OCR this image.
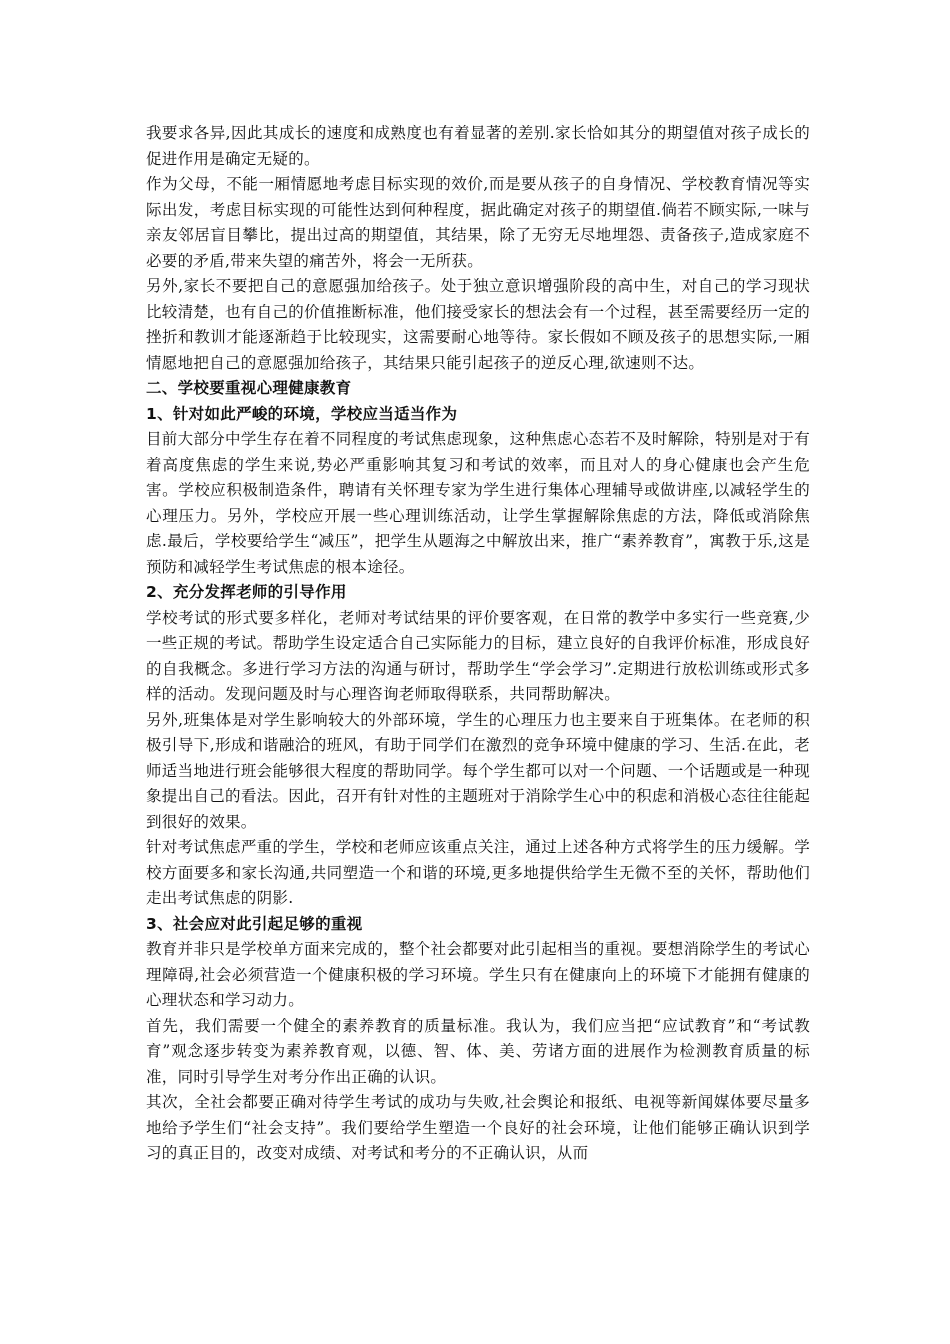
我要求各异,因此其成长的速度和成熟度也有着显著的差别.家长恰如其分的期望值对孩子成长的促进作用是确定无疑的。

作为父母，不能一厢情愿地考虑目标实现的效价,而是要从孩子的自身情况、学校教育情况等实际出发，考虑目标实现的可能性达到何种程度，据此确定对孩子的期望值.倘若不顾实际,一味与亲友邻居盲目攀比，提出过高的期望值，其结果，除了无穷无尽地埋怨、责备孩子,造成家庭不必要的矛盾,带来失望的痛苦外，将会一无所获。

另外,家长不要把自己的意愿强加给孩子。处于独立意识增强阶段的高中生，对自己的学习现状比较清楚，也有自己的价值推断标准，他们接受家长的想法会有一个过程，甚至需要经历一定的挫折和教训才能逐渐趋于比较现实，这需要耐心地等待。家长假如不顾及孩子的思想实际,一厢情愿地把自己的意愿强加给孩子，其结果只能引起孩子的逆反心理,欲速则不达。

二、学校要重视心理健康教育
1、针对如此严峻的环境，学校应当适当作为

目前大部分中学生存在着不同程度的考试焦虑现象，这种焦虑心态若不及时解除，特别是对于有着高度焦虑的学生来说,势必严重影响其复习和考试的效率，而且对人的身心健康也会产生危害。学校应积极制造条件，聘请有关怀理专家为学生进行集体心理辅导或做讲座,以减轻学生的心理压力。另外，学校应开展一些心理训练活动，让学生掌握解除焦虑的方法，降低或消除焦虑.最后，学校要给学生“减压”，把学生从题海之中解放出来，推广“素养教育”，寓教于乐,这是预防和减轻学生考试焦虑的根本途径。

2、充分发挥老师的引导作用

学校考试的形式要多样化，老师对考试结果的评价要客观，在日常的教学中多实行一些竞赛,少一些正规的考试。帮助学生设定适合自己实际能力的目标，建立良好的自我评价标准，形成良好的自我概念。多进行学习方法的沟通与研讨，帮助学生“学会学习”.定期进行放松训练或形式多样的活动。发现问题及时与心理咨询老师取得联系，共同帮助解决。

另外,班集体是对学生影响较大的外部环境，学生的心理压力也主要来自于班集体。在老师的积极引导下,形成和谐融洽的班风，有助于同学们在激烈的竞争环境中健康的学习、生活.在此，老师适当地进行班会能够很大程度的帮助同学。每个学生都可以对一个问题、一个话题或是一种现象提出自己的看法。因此，召开有针对性的主题班对于消除学生心中的积虑和消极心态往往能起到很好的效果。

针对考试焦虑严重的学生，学校和老师应该重点关注，通过上述各种方式将学生的压力缓解。学校方面要多和家长沟通,共同塑造一个和谐的环境,更多地提供给学生无微不至的关怀，帮助他们走出考试焦虑的阴影.

3、社会应对此引起足够的重视

教育并非只是学校单方面来完成的，整个社会都要对此引起相当的重视。要想消除学生的考试心理障碍,社会必须营造一个健康积极的学习环境。学生只有在健康向上的环境下才能拥有健康的心理状态和学习动力。

首先，我们需要一个健全的素养教育的质量标准。我认为，我们应当把“应试教育”和“考试教育”观念逐步转变为素养教育观，以德、智、体、美、劳诸方面的进展作为检测教育质量的标准，同时引导学生对考分作出正确的认识。

其次，全社会都要正确对待学生考试的成功与失败,社会舆论和报纸、电视等新闻媒体要尽量多地给予学生们“社会支持”。我们要给学生塑造一个良好的社会环境，让他们能够正确认识到学习的真正目的，改变对成绩、对考试和考分的不正确认识，从而
